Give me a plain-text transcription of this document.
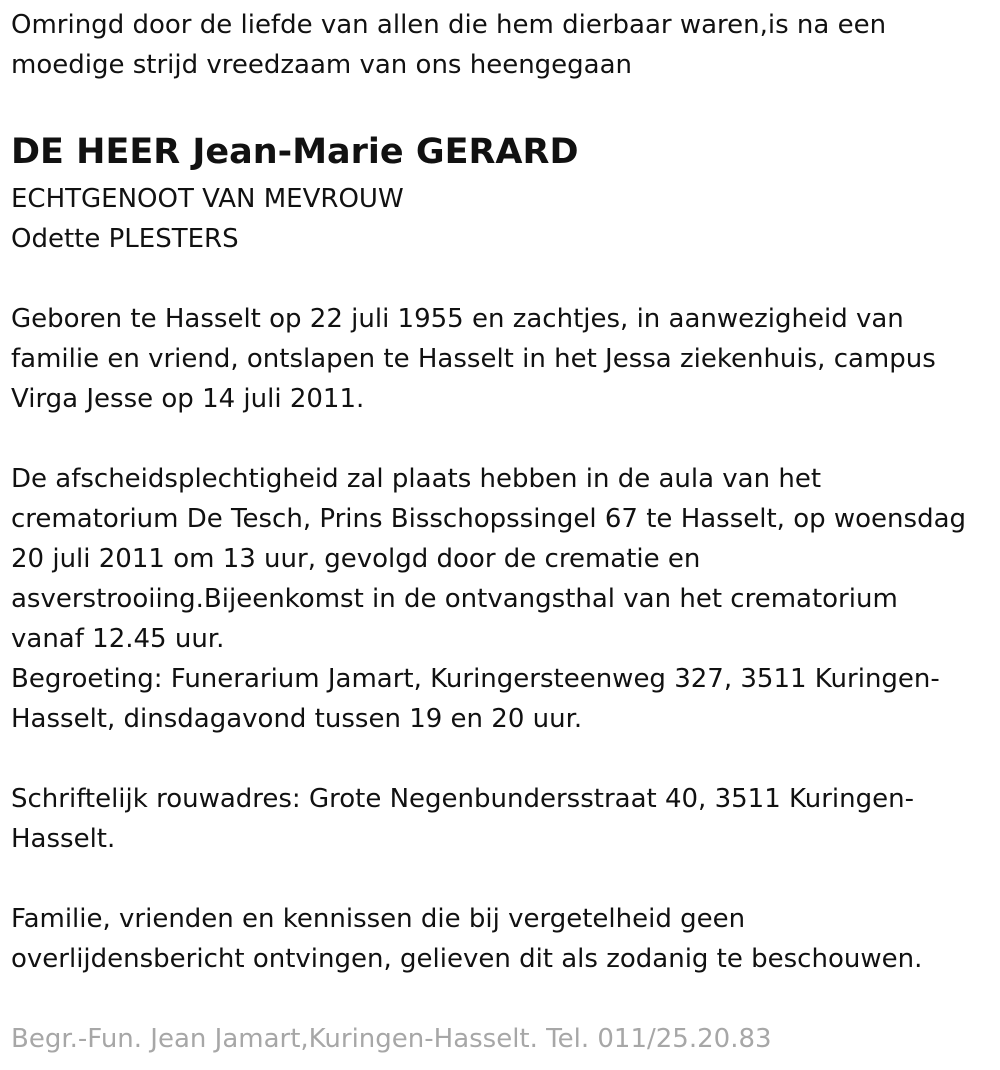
Omringd door de liefde van allen die hem dierbaar waren,is na een

moedige strijd vreedzaam van ons heengegaan

DE HEER Jean-Marie GERARD

ECHTGENOOT VAN MEVROUW

Odette PLESTERS

Geboren te Hasselt op 22 juli 1955 en zachtjes, in aanwezigheid van

familie en vriend, ontslapen te Hasselt in het Jessa ziekenhuis, campus

Virga Jesse op 14 juli 2011.

De afscheidsplechtigheid zal plaats hebben in de aula van het

crematorium De Tesch, Prins Bisschopssingel 67 te Hasselt, op woensdag

20 juli 2011 om 13 uur, gevolgd door de crematie en

asverstrooiing.Bijeenkomst in de ontvangsthal van het crematorium

vanaf 12.45 uur.

Begroeting: Funerarium Jamart, Kuringersteenweg 327, 3511 Kuringen-

Hasselt, dinsdagavond tussen 19 en 20 uur.

Schriftelijk rouwadres: Grote Negenbundersstraat 40, 3511 Kuringen-

Hasselt.

Familie, vrienden en kennissen die bij vergetelheid geen

overlijdensbericht ontvingen, gelieven dit als zodanig te beschouwen.

Begr.-Fun. Jean Jamart,Kuringen-Hasselt. Tel. 011/25.20.83
